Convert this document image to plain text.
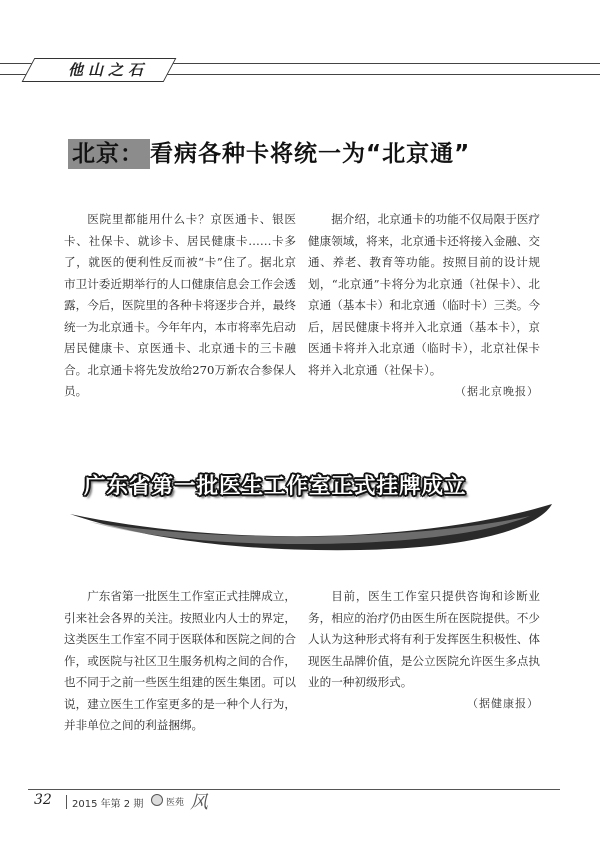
他山之石
北京： 看病各种卡将统一为“北京通”

医院里都能用什么卡？京医通卡、银医卡、社保卡、就诊卡、居民健康卡……卡多了，就医的便利性反而被“卡”住了。据北京市卫计委近期举行的人口健康信息会工作会透露，今后，医院里的各种卡将逐步合并，最终统一为北京通卡。今年年内，本市将率先启动居民健康卡、京医通卡、北京通卡的三卡融合。北京通卡将先发放给270万新农合参保人员。

据介绍，北京通卡的功能不仅局限于医疗健康领域，将来，北京通卡还将接入金融、交通、养老、教育等功能。按照目前的设计规划，“北京通”卡将分为北京通（社保卡）、北京通（基本卡）和北京通（临时卡）三类。今后，居民健康卡将并入北京通（基本卡），京医通卡将并入北京通（临时卡），北京社保卡将并入北京通（社保卡）。

（据北京晚报）
广东省第一批医生工作室正式挂牌成立

广东省第一批医生工作室正式挂牌成立，引来社会各界的关注。按照业内人士的界定，这类医生工作室不同于医联体和医院之间的合作，或医院与社区卫生服务机构之间的合作，也不同于之前一些医生组建的医生集团。可以说，建立医生工作室更多的是一种个人行为，并非单位之间的利益捆绑。

目前，医生工作室只提供咨询和诊断业务，相应的治疗仍由医生所在医院提供。不少人认为这种形式将有利于发挥医生积极性、体现医生品牌价值，是公立医院允许医生多点执业的一种初级形式。

（据健康报）
32 2015 年第 2 期	医苑 风
